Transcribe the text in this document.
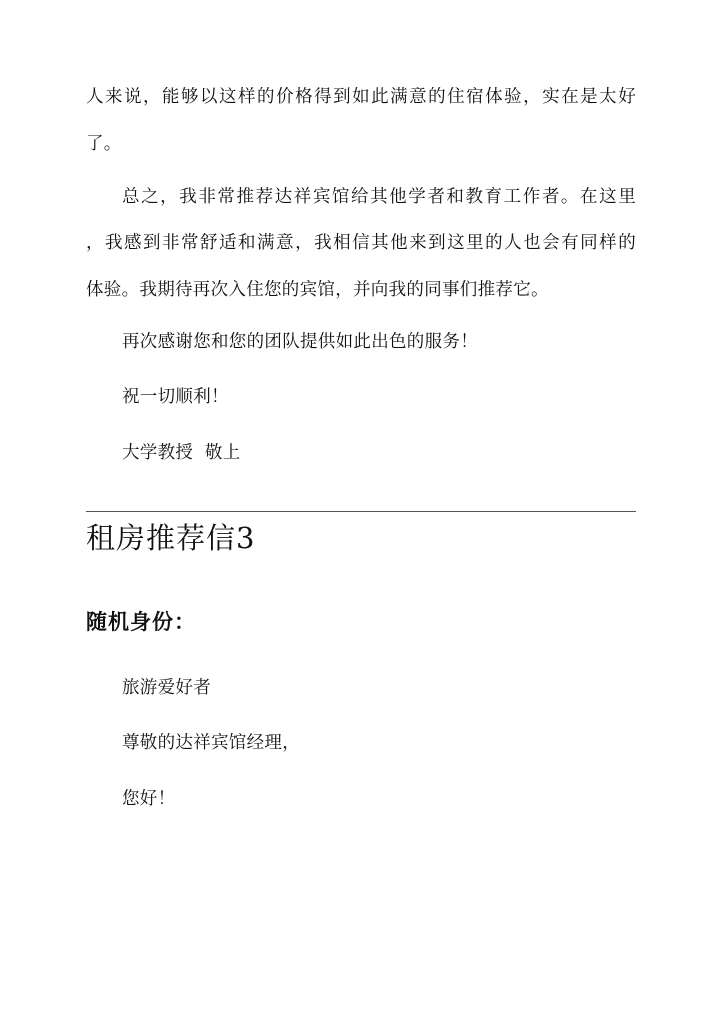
人来说，能够以这样的价格得到如此满意的住宿体验，实在是太好
了。
总之，我非常推荐达祥宾馆给其他学者和教育工作者。在这里
，我感到非常舒适和满意，我相信其他来到这里的人也会有同样的
体验。我期待再次入住您的宾馆，并向我的同事们推荐它。
再次感谢您和您的团队提供如此出色的服务！
祝一切顺利！
大学教授  敬上
租房推荐信3
随机身份：
旅游爱好者
尊敬的达祥宾馆经理，
您好！
